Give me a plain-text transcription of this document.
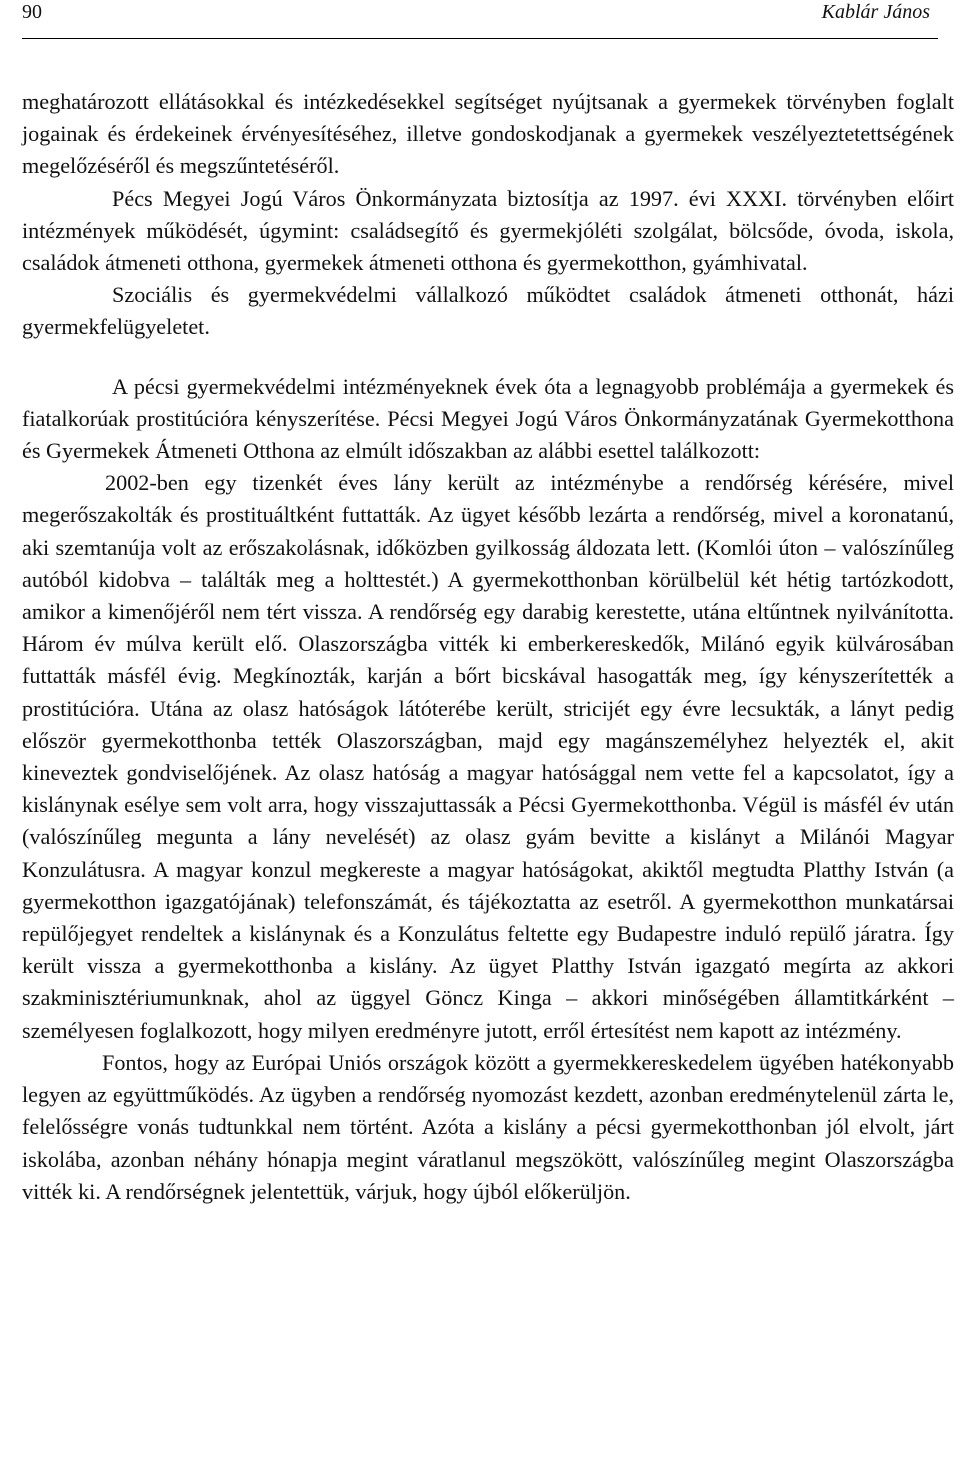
90	Kablár János

meghatározott ellátásokkal és intézkedésekkel segítséget nyújtsanak a gyermekek törvényben foglalt jogainak és érdekeinek érvényesítéséhez, illetve gondoskodjanak a gyermekek veszélyeztetettségének megelőzéséről és megszűntetéséről.

Pécs Megyei Jogú Város Önkormányzata biztosítja az 1997. évi XXXI. törvényben előirt intézmények működését, úgymint: családsegítő és gyermekjóléti szolgálat, bölcsőde, óvoda, iskola, családok átmeneti otthona, gyermekek átmeneti otthona és gyermekotthon, gyámhivatal.

Szociális és gyermekvédelmi vállalkozó működtet családok átmeneti otthonát, házi gyermekfelügyeletet.

A pécsi gyermekvédelmi intézményeknek évek óta a legnagyobb problémája a gyermekek és fiatalkorúak prostitúcióra kényszerítése. Pécsi Megyei Jogú Város Önkormányzatának Gyermekotthona és Gyermekek Átmeneti Otthona az elmúlt időszakban az alábbi esettel találkozott:

2002-ben egy tizenkét éves lány került az intézménybe a rendőrség kérésére, mivel megerőszakolták és prostituáltként futtatták. Az ügyet később lezárta a rendőrség, mivel a koronatanú, aki szemtanúja volt az erőszakolásnak, időközben gyilkosság áldozata lett. (Komlói úton – valószínűleg autóból kidobva – találták meg a holttestét.) A gyermekotthonban körülbelül két hétig tartózkodott, amikor a kimenőjéről nem tért vissza. A rendőrség egy darabig kerestette, utána eltűntnek nyilvánította. Három év múlva került elő. Olaszországba vitték ki emberkereskedők, Milánó egyik külvárosában futtatták másfél évig. Megkínozták, karján a bőrt bicskával hasogatták meg, így kényszerítették a prostitúcióra. Utána az olasz hatóságok látóterébe került, stricijét egy évre lecsukták, a lányt pedig először gyermekotthonba tették Olaszországban, majd egy magánszemélyhez helyezték el, akit kineveztek gondviselőjének. Az olasz hatóság a magyar hatósággal nem vette fel a kapcsolatot, így a kislánynak esélye sem volt arra, hogy visszajuttassák a Pécsi Gyermekotthonba. Végül is másfél év után (valószínűleg megunta a lány nevelését) az olasz gyám bevitte a kislányt a Milánói Magyar Konzulátusra. A magyar konzul megkereste a magyar hatóságokat, akiktől megtudta Platthy István (a gyermekotthon igazgatójának) telefonszámát, és tájékoztatta az esetről. A gyermekotthon munkatársai repülőjegyet rendeltek a kislánynak és a Konzulátus feltette egy Budapestre induló repülő járatra. Így került vissza a gyermekotthonba a kislány. Az ügyet Platthy István igazgató megírta az akkori szakminisztériumunknak, ahol az üggyel Göncz Kinga – akkori minőségében államtitkárként – személyesen foglalkozott, hogy milyen eredményre jutott, erről értesítést nem kapott az intézmény.

Fontos, hogy az Európai Uniós országok között a gyermekkereskedelem ügyében hatékonyabb legyen az együttműködés. Az ügyben a rendőrség nyomozást kezdett, azonban eredménytelenül zárta le, felelősségre vonás tudtunkkal nem történt. Azóta a kislány a pécsi gyermekotthonban jól elvolt, járt iskolába, azonban néhány hónapja megint váratlanul megszökött, valószínűleg megint Olaszországba vitték ki. A rendőrségnek jelentettük, várjuk, hogy újból előkerüljön.
